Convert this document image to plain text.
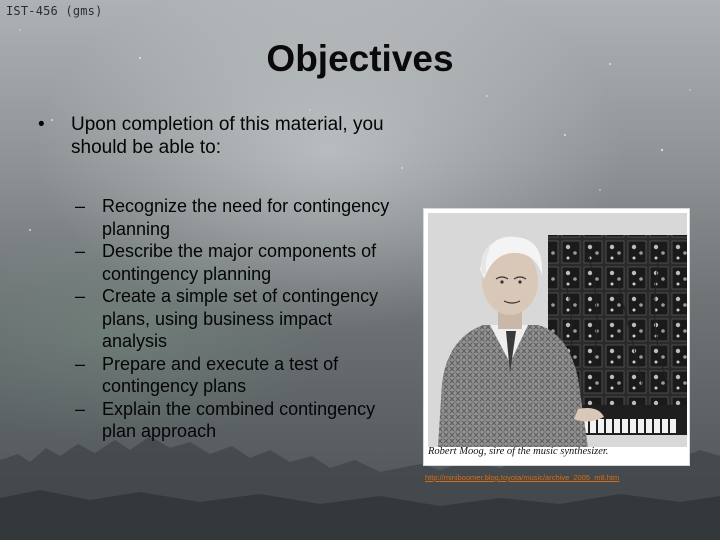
IST-456 (gms)
Objectives
• Upon completion of this material, you should be able to:
– Recognize the need for contingency planning
– Describe the major components of contingency planning
– Create a simple set of contingency plans, using business impact analysis
– Prepare and execute a test of contingency plans
– Explain the combined contingency plan approach
Robert Moog, sire of the music synthesizer.
http://miniboomer.blog.toyota/music/archive_2005_m8.htm
